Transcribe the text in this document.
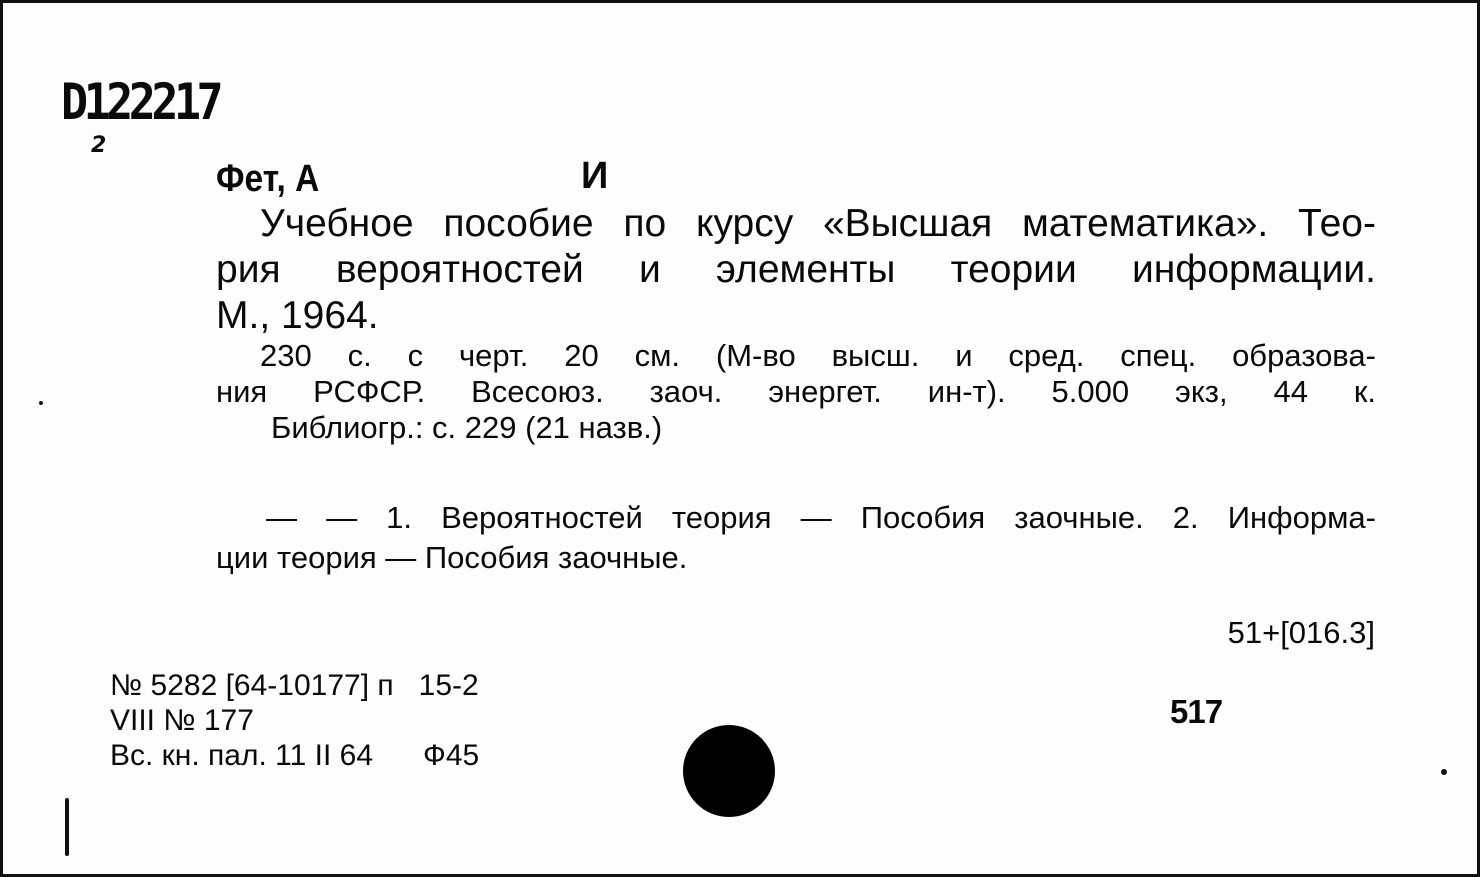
D122217
2
Фет, А	И
Учебное пособие по курсу «Высшая математика». Тео-
рия вероятностей и элементы теории информации.
М., 1964.
230 с. с черт. 20 см. (М-во высш. и сред. спец. образова-
ния РСФСР. Всесоюз. заоч. энергет. ин-т). 5.000 экз, 44 к.
Библиогр.: с. 229 (21 назв.)
— — 1. Вероятностей теория — Пособия заочные. 2. Информа-
ции теория — Пособия заочные.
51+[016.3]
517
№ 5282 [64-10177] п   15-2
VIII № 177
Вс. кн. пал. 11 II 64      Ф45
